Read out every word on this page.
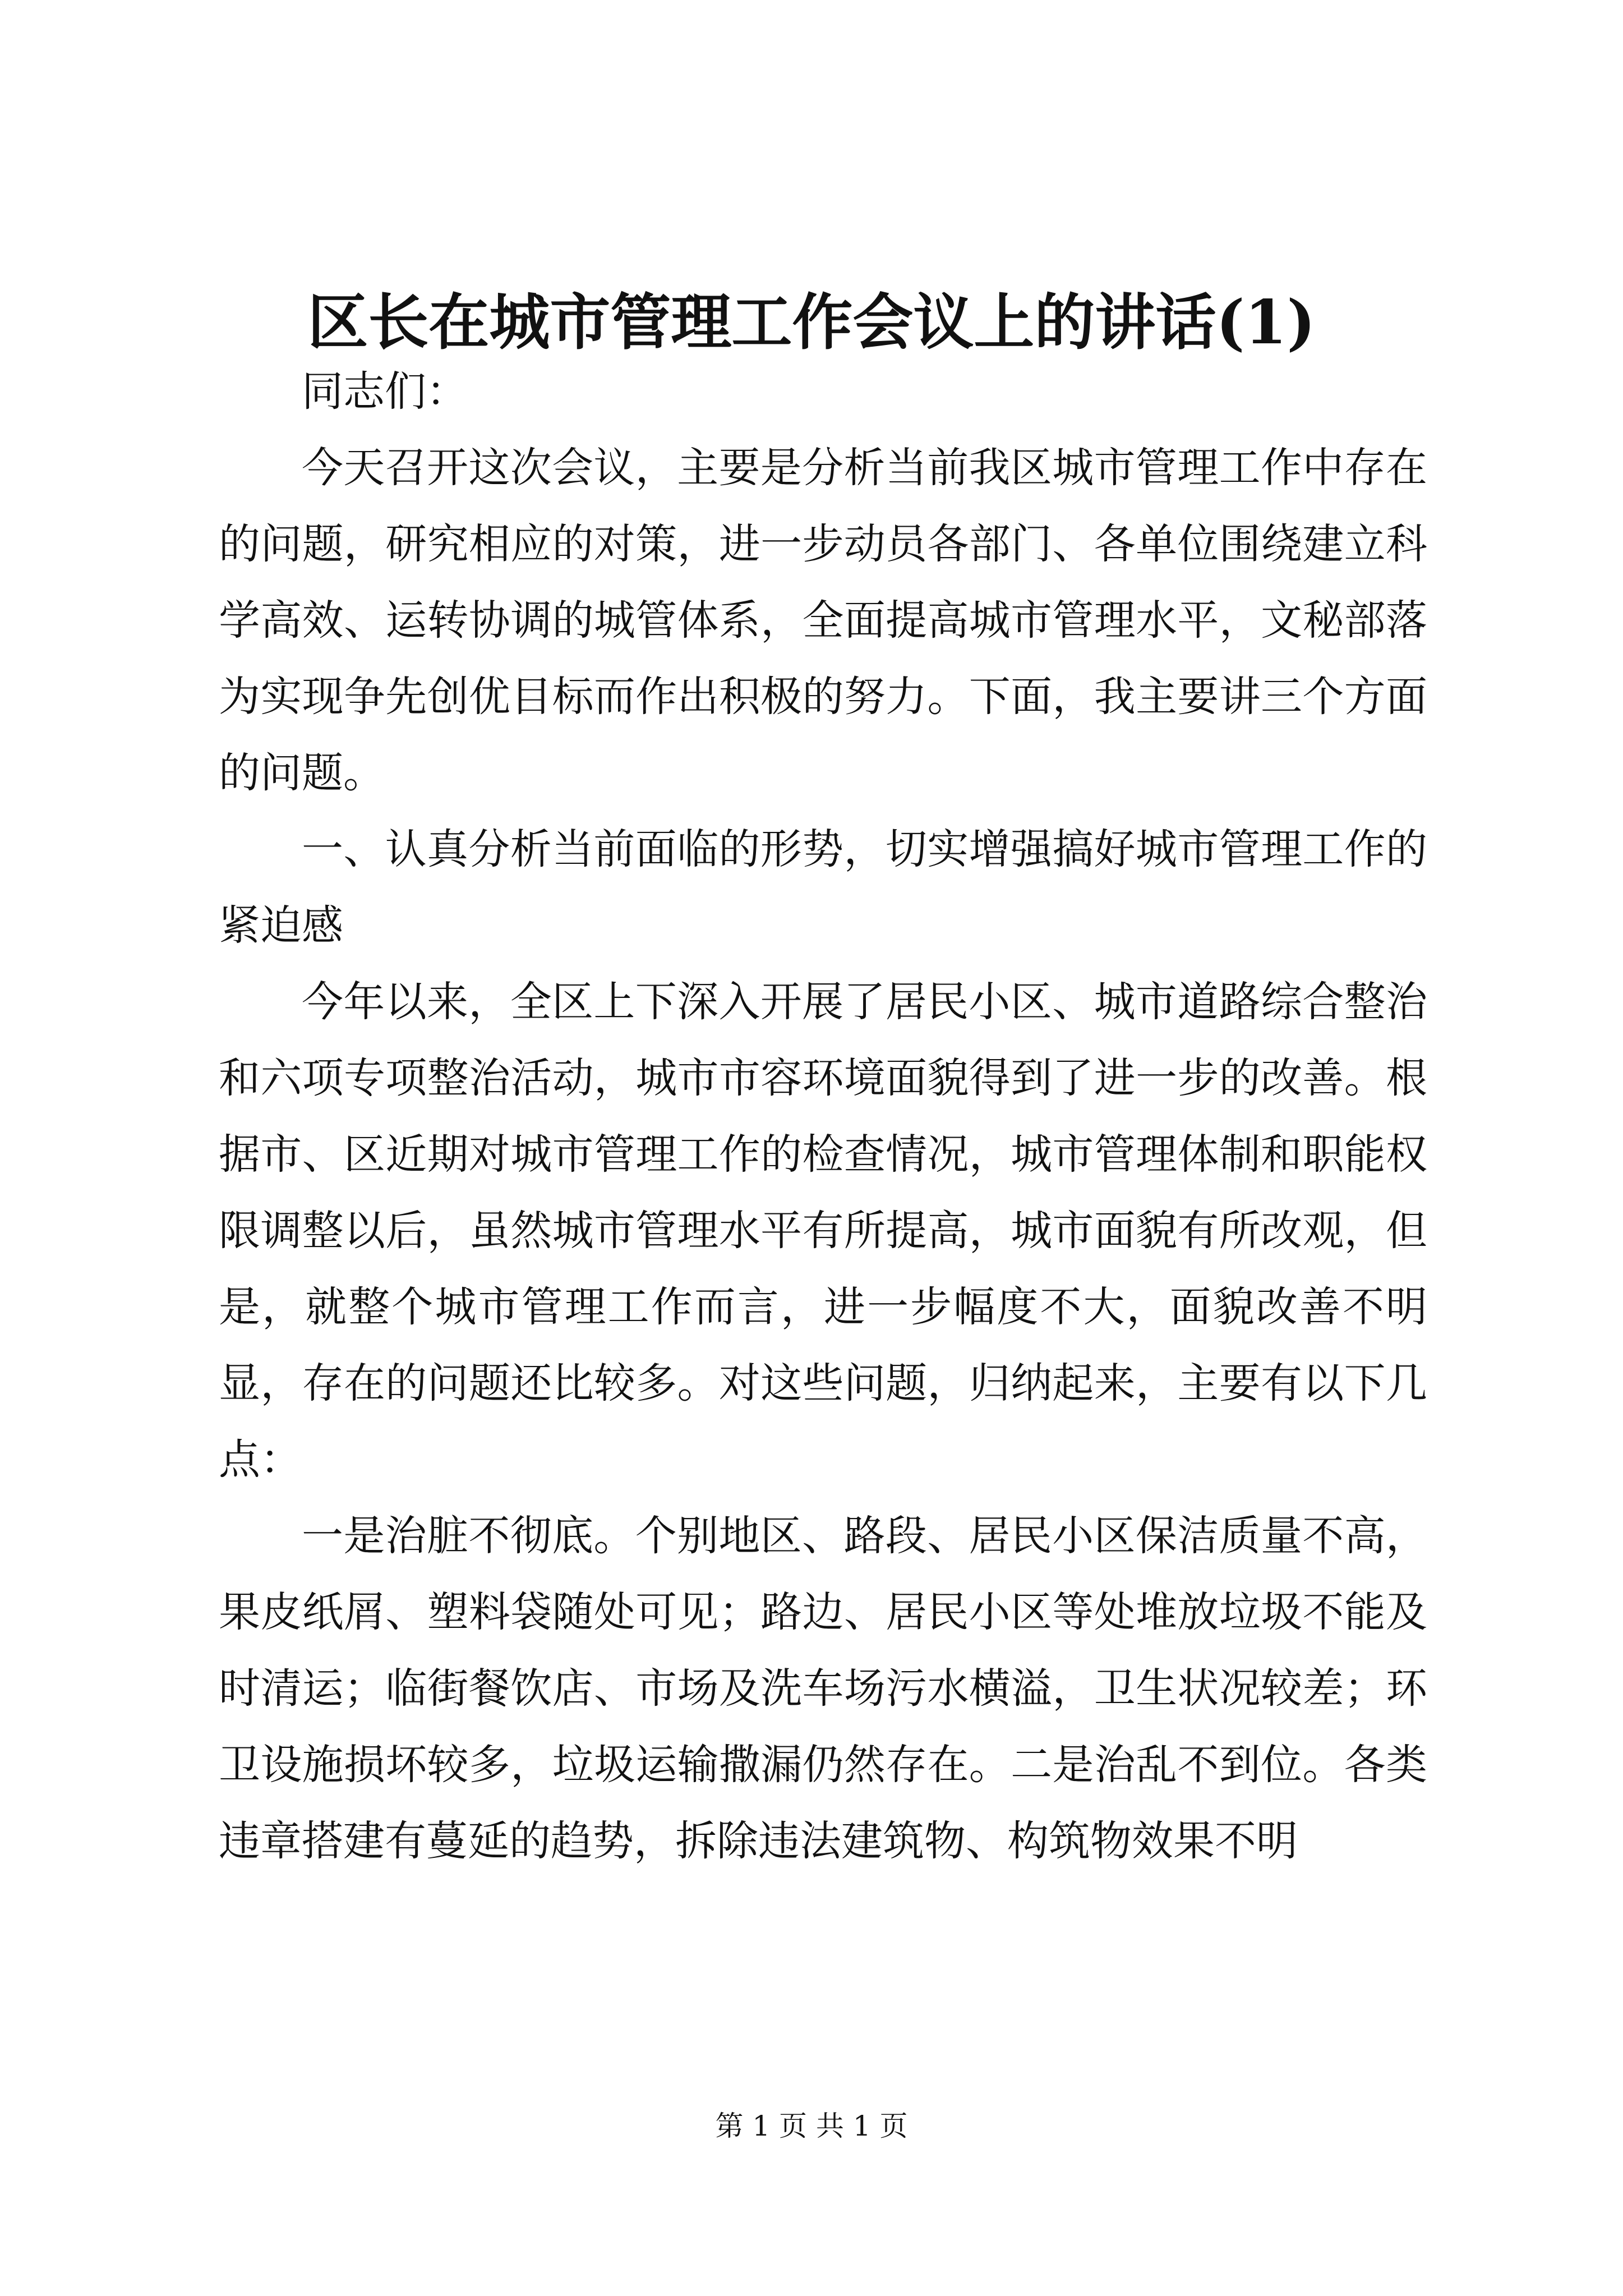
区长在城市管理工作会议上的讲话(1)

同志们：

今天召开这次会议，主要是分析当前我区城市管理工作中存在的问题，研究相应的对策，进一步动员各部门、各单位围绕建立科学高效、运转协调的城管体系，全面提高城市管理水平，文秘部落为实现争先创优目标而作出积极的努力。下面，我主要讲三个方面的问题。

一、认真分析当前面临的形势，切实增强搞好城市管理工作的紧迫感

今年以来，全区上下深入开展了居民小区、城市道路综合整治和六项专项整治活动，城市市容环境面貌得到了进一步的改善。根据市、区近期对城市管理工作的检查情况，城市管理体制和职能权限调整以后，虽然城市管理水平有所提高，城市面貌有所改观，但是，就整个城市管理工作而言，进一步幅度不大，面貌改善不明显，存在的问题还比较多。对这些问题，归纳起来，主要有以下几点：

一是治脏不彻底。个别地区、路段、居民小区保洁质量不高，果皮纸屑、塑料袋随处可见；路边、居民小区等处堆放垃圾不能及时清运；临街餐饮店、市场及洗车场污水横溢，卫生状况较差；环卫设施损坏较多，垃圾运输撒漏仍然存在。二是治乱不到位。各类违章搭建有蔓延的趋势，拆除违法建筑物、构筑物效果不明

第 1 页 共 1 页
